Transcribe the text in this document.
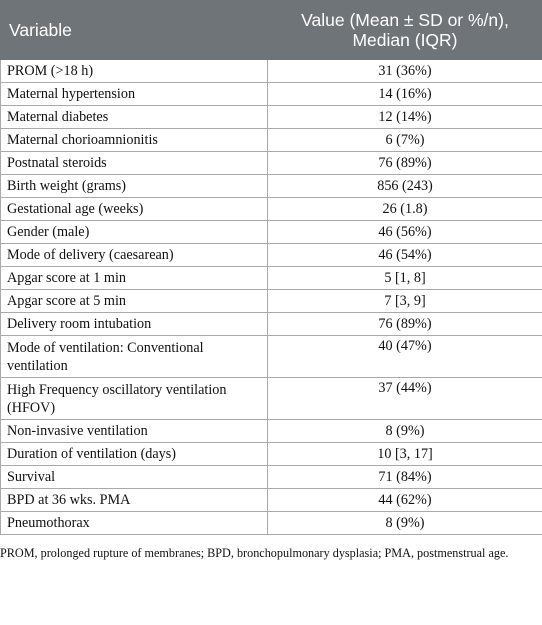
Variable	Value (Mean ± SD or %/n),
Median (IQR)

PROM (>18 h)	31 (36%)
Maternal hypertension	14 (16%)
Maternal diabetes	12 (14%)
Maternal chorioamnionitis	6 (7%)
Postnatal steroids	76 (89%)
Birth weight (grams)	856 (243)
Gestational age (weeks)	26 (1.8)
Gender (male)	46 (56%)
Mode of delivery (caesarean)	46 (54%)
Apgar score at 1 min	5 [1, 8]
Apgar score at 5 min	7 [3, 9]
Delivery room intubation	76 (89%)
Mode of ventilation: Conventional ventilation	40 (47%)
High Frequency oscillatory ventilation (HFOV)	37 (44%)
Non-invasive ventilation	8 (9%)
Duration of ventilation (days)	10 [3, 17]
Survival	71 (84%)
BPD at 36 wks. PMA	44 (62%)
Pneumothorax	8 (9%)

PROM, prolonged rupture of membranes; BPD, bronchopulmonary dysplasia; PMA, postmenstrual age.
